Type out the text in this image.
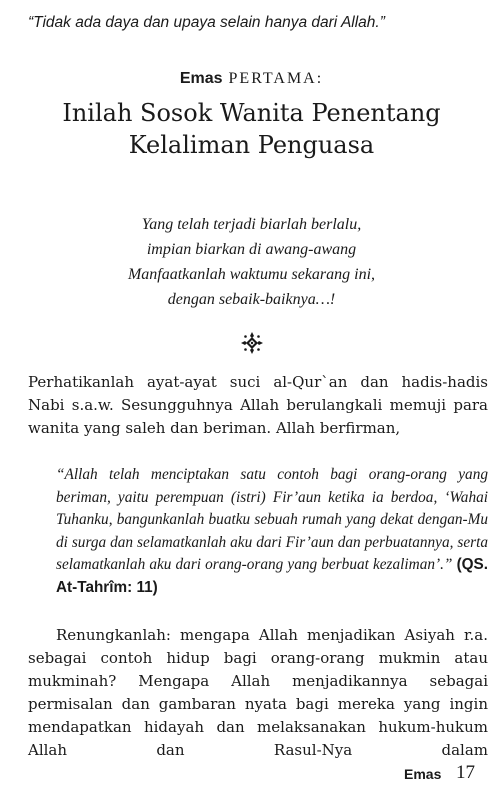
“Tidak ada daya dan upaya selain hanya dari Allah.”
Emas PERTAMA:
Inilah Sosok Wanita Penentang
Kelaliman Penguasa
Yang telah terjadi biarlah berlalu,
impian biarkan di awang-awang
Manfaatkanlah waktumu sekarang ini,
dengan sebaik-baiknya…!
Perhatikanlah ayat-ayat suci al-Qur`an dan hadis-hadis Nabi s.a.w. Sesungguhnya Allah berulangkali memuji para wanita yang saleh dan beriman. Allah berfirman,
“Allah telah menciptakan satu contoh bagi orang-orang yang beriman, yaitu perempuan (istri) Fir’aun ketika ia berdoa, ‘Wahai Tuhanku, bangunkanlah buatku sebuah rumah yang dekat dengan-Mu di surga dan selamatkanlah aku dari Fir’aun dan perbuatannya, serta selamatkanlah aku dari orang-orang yang berbuat kezaliman’.” (QS. At-Tahrîm: 11)
Renungkanlah: mengapa Allah menjadikan Asiyah r.a. sebagai contoh hidup bagi orang-orang mukmin atau mukminah? Mengapa Allah menjadikannya sebagai permisalan dan gambaran nyata bagi mereka yang ingin mendapatkan hidayah dan melaksanakan hukum-hukum Allah dan Rasul-Nya dalam
Emas 17
